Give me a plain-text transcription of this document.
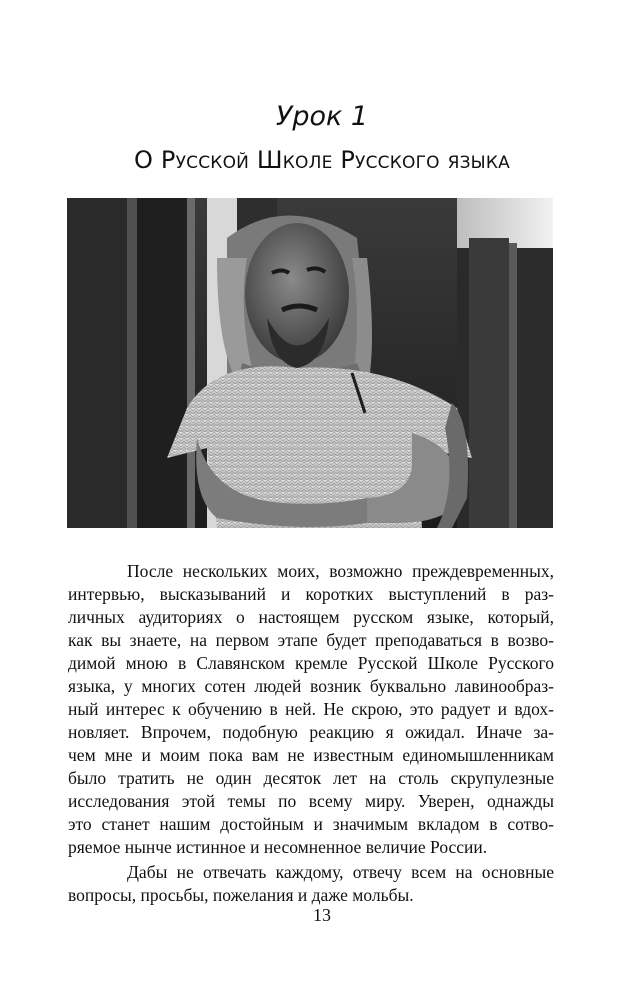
Урок 1
О Русской Школе Русского языка
После нескольких моих, возможно преждевременных,
интервью, высказываний и коротких выступлений в раз-
личных аудиториях о настоящем русском языке, который,
как вы знаете, на первом этапе будет преподаваться в возво-
димой мною в Славянском кремле Русской Школе Русского
языка, у многих сотен людей возник буквально лавинообраз-
ный интерес к обучению в ней. Не скрою, это радует и вдох-
новляет. Впрочем, подобную реакцию я ожидал. Иначе за-
чем мне и моим пока вам не известным единомышленникам
было тратить не один десяток лет на столь скрупулезные
исследования этой темы по всему миру. Уверен, однажды
это станет нашим достойным и значимым вкладом в сотво-
ряемое нынче истинное и несомненное величие России.
Дабы не отвечать каждому, отвечу всем на основные
вопросы, просьбы, пожелания и даже мольбы.
13
